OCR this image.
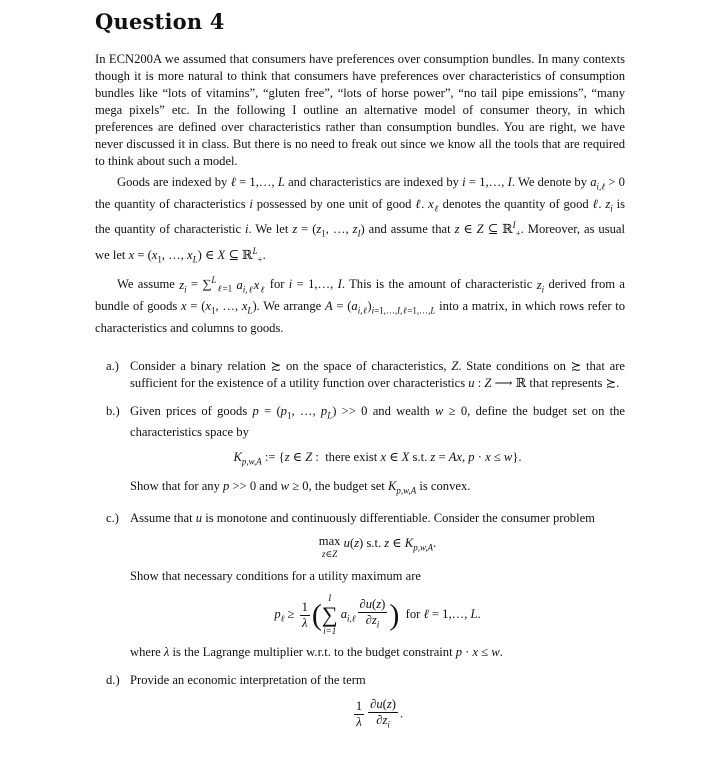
Question 4

In ECN200A we assumed that consumers have preferences over consumption bundles. In many contexts though it is more natural to think that consumers have preferences over characteristics of consumption bundles like “lots of vitamins”, “gluten free”, “lots of horse power”, “no tail pipe emissions”, “many mega pixels” etc. In the following I outline an alternative model of consumer theory, in which preferences are defined over characteristics rather than consumption bundles. You are right, we have never discussed it in class. But there is no need to freak out since we know all the tools that are required to think about such a model.

Goods are indexed by ℓ = 1,…, L and characteristics are indexed by i = 1,…, I. We denote by $a_{i,\ell} > 0$ the quantity of characteristics i possessed by one unit of good ℓ. $x_\ell$ denotes the quantity of good ℓ. $z_i$ is the quantity of characteristic i. We let $z = (z_1$, …, $z_I$) and assume that z ∈ Z ⊆ ℝ$^I_+$. Moreover, as usual we let $x = (x_1$, …, $x_L$) ∈ X ⊆ ℝ$^L_+$.

We assume $z_i = \sum^L_{\ell=1}$ $a_{i,\ell}x_\ell$ for i = 1,…, I. This is the amount of characteristic $z_i$ derived from a bundle of goods $x = (x_1$, …, $x_L$). We arrange $A = (a_{i,\ell})_{i=1,\dots,I,\ell=1,\dots,L}$ into a matrix, in which rows refer to characteristics and columns to goods.

a.) Consider a binary relation ≿ on the space of characteristics, Z. State conditions on ≿ that are sufficient for the existence of a utility function over characteristics u : Z ⟶ ℝ that represents ≿.

b.) Given prices of goods $p = (p_1$, …, $p_L) >> 0$ and wealth w ≥ 0, define the budget set on the characteristics space by

$K_{p,w,A}$ := {z ∈ Z :  there exist x ∈ X s.t. z = Ax, p · x ≤ w}.

Show that for any p >> 0 and w ≥ 0, the budget set $K_{p,w,A}$ is convex.

c.) Assume that u is monotone and continuously differentiable. Consider the consumer problem

max
z∈Z
u(z) s.t. z ∈ $K_{p,w,A}$.

Show that necessary conditions for a utility maximum are

$p_\ell \ge \frac{1}{\lambda}$ (
I
∑
i=1
$a_{i,\ell} \frac{\partial u(z)}{\partial z_i}$ ) for ℓ = 1,…, L.

where λ is the Lagrange multiplier w.r.t. to the budget constraint p · x ≤ w.

d.) Provide an economic interpretation of the term

$\frac{1}{\lambda} \frac{\partial u(z)}{\partial z_i}$ .
